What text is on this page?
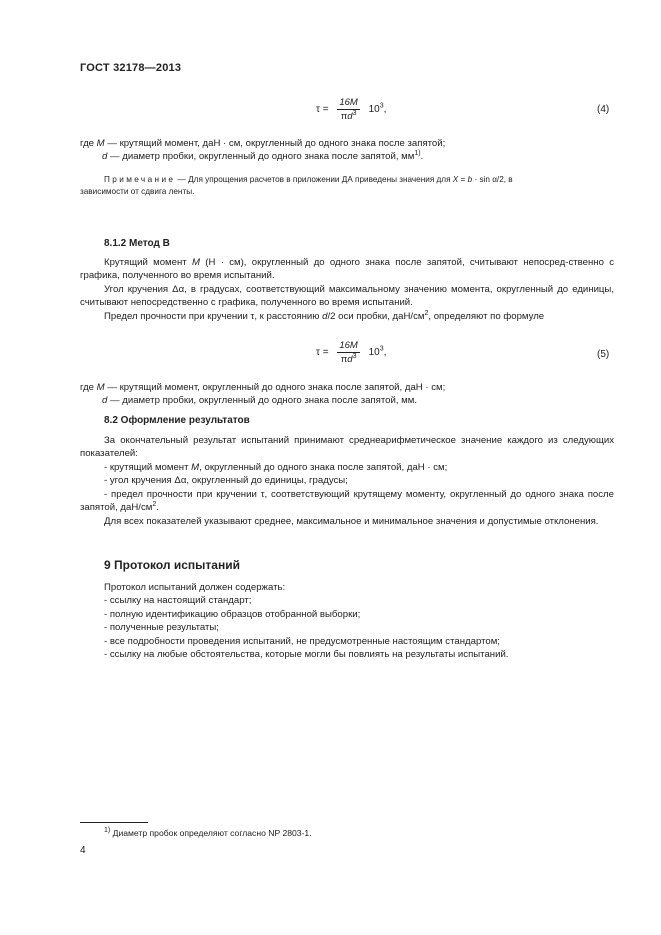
ГОСТ 32178—2013
$\tau = \frac{16M}{\pi d^3} 10^3$,	(4)
где M — крутящий момент, даН · см, округленный до одного знака после запятой;
d — диаметр пробки, округленный до одного знака после запятой, $мм^{1)}$.
Примечание — Для упрощения расчетов в приложении ДА приведены значения для X = b · sin α/2, в
зависимости от сдвига ленты.
8.1.2 Метод В
Крутящий момент M (Н · см), округленный до одного знака после запятой, считывают непосред-ственно с графика, полученного во время испытаний.
Угол кручения Δα, в градусах, соответствующий максимальному значению момента, округленный до единицы, считывают непосредственно с графика, полученного во время испытаний.
Предел прочности при кручении τ, к расстоянию d/2 оси пробки, даН/$см^2$, определяют по формуле
$\tau = \frac{16M}{\pi d^3} 10^3$,	(5)
где M — крутящий момент, округленный до одного знака после запятой, даН · см;
d — диаметр пробки, округленный до одного знака после запятой, мм.
8.2 Оформление результатов
За окончательный результат испытаний принимают среднеарифметическое значение каждого из следующих показателей:
- крутящий момент M, округленный до одного знака после запятой, даН · см;
- угол кручения Δα, округленный до единицы, градусы;
- предел прочности при кручении τ, соответствующий крутящему моменту, округленный до одного знака после запятой, даН/$см^2$.
Для всех показателей указывают среднее, максимальное и минимальное значения и допустимые отклонения.
9 Протокол испытаний
Протокол испытаний должен содержать:
- ссылку на настоящий стандарт;
- полную идентификацию образцов отобранной выборки;
- полученные результаты;
- все подробности проведения испытаний, не предусмотренные настоящим стандартом;
- ссылку на любые обстоятельства, которые могли бы повлиять на результаты испытаний.
$^{1)}$ Диаметр пробок определяют согласно NP 2803-1.
4
